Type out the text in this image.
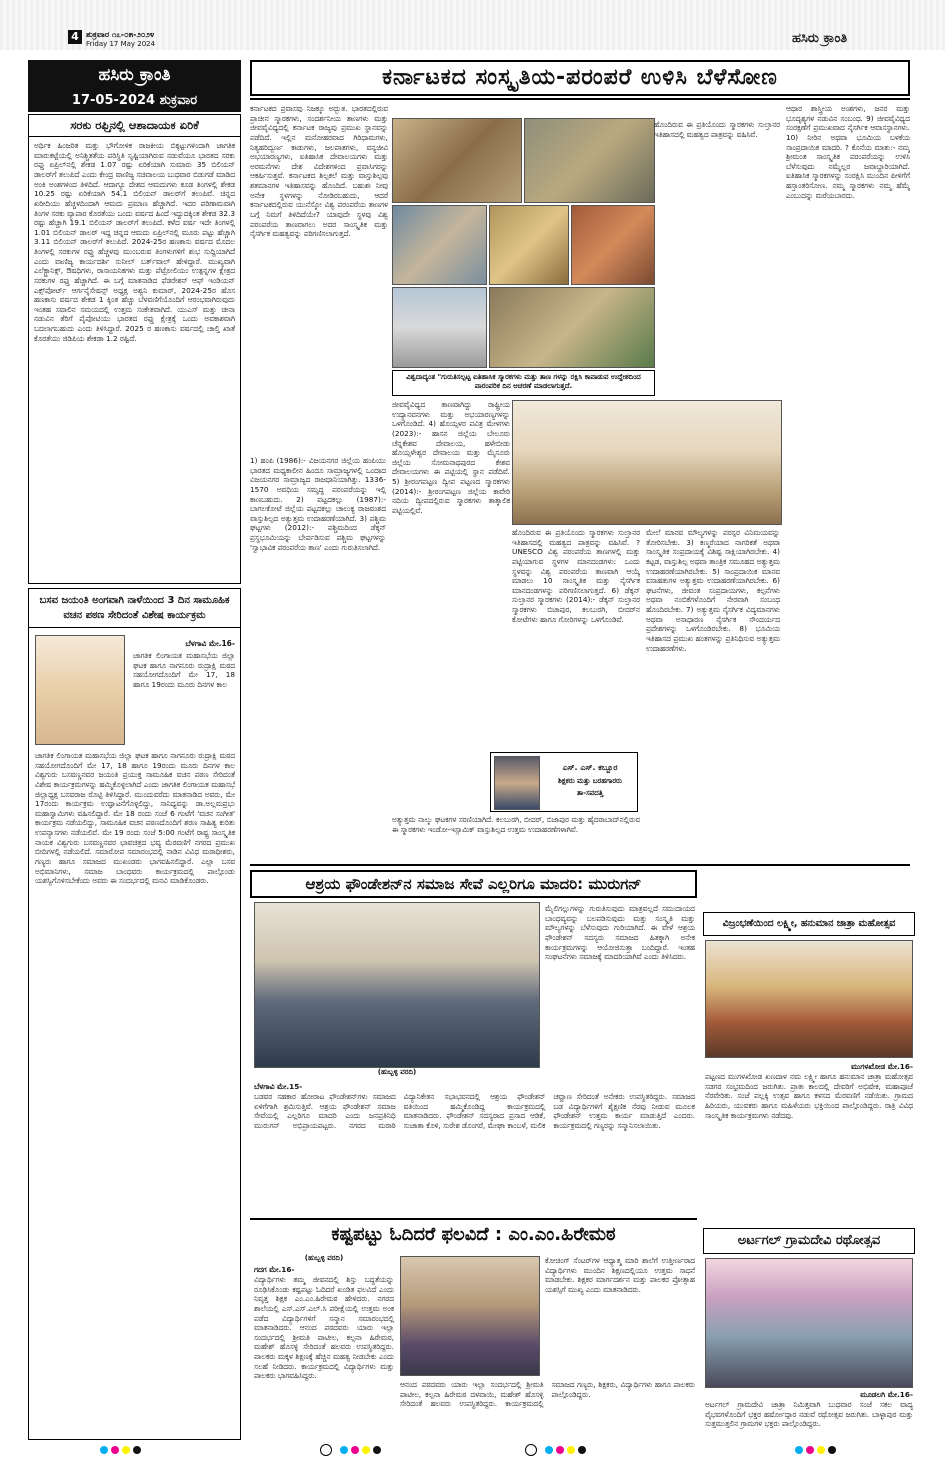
4 ಶುಕ್ರವಾರ ೧೭-೦೫-೨೦೨೪
Friday 17 May 2024	ಹಸಿರು ಕ್ರಾಂತಿ
ಹಸಿರು ಕ್ರಾಂತಿ
17-05-2024 ಶುಕ್ರವಾರ
ಸರಕು ರಫ್ತಿನಲ್ಲಿ ಆಶಾದಾಯಕ ಏರಿಕೆ
ಅರ್ಥಿಕ ಹಿಂಜರಿತ ಮತ್ತು ಭೌಗೋಳಿಕ ರಾಜಕೀಯ ಬಿಕ್ಕಟ್ಟುಗಳಿಂದಾಗಿ ಜಾಗತಿಕ ಮಾರುಕಟ್ಟೆಯಲ್ಲಿ ಅನಿಶ್ಚಿತತೆಯ ಪರಿಸ್ಥಿತಿ ಸೃಷ್ಟಿಯಾಗಿರುವ ನಡುವೆಯೂ ಭಾರತದ ಸರಕು ರಫ್ತು ಏಪ್ರಿಲ್‌ನಲ್ಲಿ ಶೇಕಡ 1.07 ರಷ್ಟು ಏರಿಕೆಯಾಗಿ ಸುಮಾರು 35 ಬಿಲಿಯನ್ ಡಾಲರ್‌ಗೆ ತಲುಪಿದೆ ಎಂದು ಕೇಂದ್ರ ವಾಣಿಜ್ಯ ಸಚಿವಾಲಯ ಬುಧವಾರ ಬಿಡುಗಡೆ ಮಾಡಿದ ಅಂಕಿ ಅಂಶಗಳಿಂದ ತಿಳಿದಿದೆ. ಆದಾಗ್ಯೂ ದೇಶದ ಆಮದುಗಳು ಕೂಡ ತಿಂಗಳಲ್ಲಿ ಶೇಕಡ 10.25 ರಷ್ಟು ಏರಿಕೆಯಾಗಿ 54.1 ಬಿಲಿಯನ್ ಡಾಲರ್‌ಗೆ ತಲುಪಿವೆ. ಚಿನ್ನದ ಖರೀದಿಯು ಹೆಚ್ಚಳದಿಂದಾಗಿ ಆಮದು ಪ್ರಮಾಣ ಹೆಚ್ಚಾಗಿದೆ. ಇದರ ಪರಿಣಾಮವಾಗಿ ತಿಂಗಳ ಸರಕು ವ್ಯಾಪಾರ ಕೊರತೆಯು ಒಂದು ವರ್ಷದ ಹಿಂದೆ ಇದ್ದುದಕ್ಕಿಂತ ಶೇಕಡ 32.3 ರಷ್ಟು ಹೆಚ್ಚಾಗಿ 19.1 ಬಿಲಿಯನ್ ಡಾಲರ್‌ಗೆ ತಲುಪಿದೆ. ಕಳೆದ ವರ್ಷ ಇದೇ ತಿಂಗಳಲ್ಲಿ 1.01 ಬಿಲಿಯನ್ ಡಾಲರ್ ಇದ್ದ ಚಿನ್ನದ ಆಮದು ಏಪ್ರಿಲ್‌ನಲ್ಲಿ ಮೂರು ಪಟ್ಟು ಹೆಚ್ಚಾಗಿ 3.11 ಬಿಲಿಯನ್ ಡಾಲರ್‌ಗೆ ತಲುಪಿದೆ. 2024-25ರ ಹಣಕಾಸು ವರ್ಷದ ಮೊದಲ ತಿಂಗಳಲ್ಲಿ ಸರಕುಗಳ ರಫ್ತು ಹೆಚ್ಚಳವು ಮುಂಬರುವ ತಿಂಗಳುಗಳಿಗೆ ಶುಭ ಸುದ್ದಿಯಾಗಿದೆ ಎಂದು ವಾಣಿಜ್ಯ ಕಾರ್ಯದರ್ಶಿ ಸುನೀಲ್ ಬರ್ತ್‌ವಾಲ್ ಹೇಳಿದ್ದಾರೆ. ಮುಖ್ಯವಾಗಿ ಎಲೆಕ್ಟ್ರಾನಿಕ್ಸ್, ಔಷಧಿಗಳು, ರಾಸಾಯನಿಕಗಳು ಮತ್ತು ಪೆಟ್ರೋಲಿಯಂ ಉತ್ಪನ್ನಗಳ ಕ್ಷೇತ್ರದ ಸರಕುಗಳ ರಫ್ತು ಹೆಚ್ಚಾಗಿದೆ. ಈ ಬಗ್ಗೆ ಮಾತನಾಡಿದ ಫೆಡರೇಶನ್ ಆಫ್ ಇಂಡಿಯನ್ ಎಕ್ಸ್‌ಪೋರ್ಟ್ ಆರ್ಗನೈಸೇಷನ್ಸ್ ಅಧ್ಯಕ್ಷ ಅಶ್ವನಿ ಕುಮಾರ್, 2024-25ರ ಹೊಸ ಹಣಕಾಸು ವರ್ಷದ ಶೇಕಡ 1 ಕ್ಕಿಂತ ಹೆಚ್ಚು ಬೆಳವಣಿಗೆಯೊಂದಿಗೆ ಆರಂಭವಾಗಿರುವುದು ಇಂತಹ ಸವಾಲಿನ ಸಮಯದಲ್ಲಿ ಉತ್ತಮ ಸಂಕೇತವಾಗಿದೆ. ಯುಎಸ್ ಮತ್ತು ಚೀನಾ ನಡುವಿನ ತೆರಿಗೆ ಪೈಪೋಟಿಯು ಭಾರತದ ರಫ್ತು ಕ್ಷೇತ್ರಕ್ಕೆ ಒಂದು ಅವಕಾಶವಾಗಿ ಬದಲಾಗಬಹುದು ಎಂದು ತಿಳಿಸಿದ್ದಾರೆ. 2025 ರ ಹಣಕಾಸು ವರ್ಷದಲ್ಲಿ ಚಾಲ್ತಿ ಖಾತೆ ಕೊರತೆಯು ಜಿಡಿಪಿಯ ಶೇಕಡಾ 1.2 ರಷ್ಟಿದೆ.
ಬಸವ ಜಯಂತಿ ಅಂಗವಾಗಿ ನಾಳೆಯಿಂದ 3 ದಿನ ಸಾಮೂಹಿಕ ವಚನ ಪಠಣ ಸೇರಿದಂತೆ ವಿಶೇಷ ಕಾರ್ಯಕ್ರಮ
ಬೆಳಗಾವಿ ಮೇ.16-
ಜಾಗತಿಕ ಲಿಂಗಾಯತ ಮಹಾಸಭೆಯ ಜಿಲ್ಲಾ ಘಟಕ ಹಾಗೂ ನಾಗನೂರು ರುದ್ರಾಕ್ಷಿ ಮಠದ ಸಹಯೋಗದೊಂದಿಗೆ ಮೇ 17, 18 ಹಾಗೂ 19ರಂದು ಮೂರು ದಿನಗಳ ಕಾಲ
ಜಾಗತಿಕ ಲಿಂಗಾಯತ ಮಹಾಸಭೆಯ ಜಿಲ್ಲಾ ಘಟಕ ಹಾಗೂ ನಾಗನೂರು ರುದ್ರಾಕ್ಷಿ ಮಠದ ಸಹಯೋಗದೊಂದಿಗೆ ಮೇ 17, 18 ಹಾಗೂ 19ರಂದು ಮೂರು ದಿನಗಳ ಕಾಲ ವಿಶ್ವಗುರು ಬಸವಣ್ಣನವರ ಜಯಂತಿ ಪ್ರಯುಕ್ತ ಸಾಮೂಹಿಕ ವಚನ ಪಠಣ ಸೇರಿದಂತೆ ವಿಶೇಷ ಕಾರ್ಯಕ್ರಮಗಳನ್ನು ಹಮ್ಮಿಕೊಳ್ಳಲಾಗಿದೆ ಎಂದು ಜಾಗತಿಕ ಲಿಂಗಾಯತ ಮಹಾಸಭೆ ಜಿಲ್ಲಾಧ್ಯಕ್ಷ ಬಸವರಾಜ ರೊಟ್ಟಿ ತಿಳಿಸಿದ್ದಾರೆ. ಮುಂದುವರೆದು ಮಾತನಾಡಿದ ಅವರು, ಮೇ 17ರಂದು ಕಾರ್ಯಕ್ರಮ ಉದ್ಘಾಟನೆಗೊಳ್ಳಲಿದ್ದು, ಸಾನಿಧ್ಯವನ್ನು ಡಾ.ಅಲ್ಲಮಪ್ರಭು ಮಹಾಸ್ವಾಮಿಗಳು ವಹಿಸಲಿದ್ದಾರೆ. ಮೇ 18 ರಂದು ಸಂಜೆ 6 ಗಂಟೆಗೆ 'ವಚನ ಸಂಗೀತ' ಕಾರ್ಯಕ್ರಮ ನಡೆಯಲಿದ್ದು, ಸಾಮೂಹಿಕ ವಚನ ಪಠಣದೊಂದಿಗೆ ಶರಣ ಸಾಹಿತ್ಯ ಕುರಿತು ಉಪನ್ಯಾಸಗಳು ನಡೆಯಲಿವೆ. ಮೇ 19 ರಂದು ಸಂಜೆ 5:00 ಗಂಟೆಗೆ ರಾಷ್ಟ್ರ ಸಾಂಸ್ಕೃತಿಕ ನಾಯಕ ವಿಶ್ವಗುರು ಬಸವಣ್ಣನವರ ಭಾವಚಿತ್ರದ ಭವ್ಯ ಮೆರವಣಿಗೆ ನಗರದ ಪ್ರಮುಖ ಬೀದಿಗಳಲ್ಲಿ ನಡೆಯಲಿದೆ. ಸಮಾರೋಪ ಸಮಾರಂಭದಲ್ಲಿ ನಾಡಿನ ವಿವಿಧ ಮಠಾಧೀಶರು, ಗಣ್ಯರು ಹಾಗೂ ಸಮಾಜದ ಮುಖಂಡರು ಭಾಗವಹಿಸಲಿದ್ದಾರೆ. ಎಲ್ಲಾ ಬಸವ ಅಭಿಮಾನಿಗಳು, ಸಮಾಜ ಬಾಂಧವರು ಕಾರ್ಯಕ್ರಮದಲ್ಲಿ ಪಾಲ್ಗೊಂಡು ಯಶಸ್ವಿಗೊಳಿಸಬೇಕೆಂದು ಅವರು ಈ ಸಂದರ್ಭದಲ್ಲಿ ಮನವಿ ಮಾಡಿಕೊಂಡರು.
ಕರ್ನಾಟಕದ ಸಂಸ್ಕೃತಿಯ-ಪರಂಪರೆ ಉಳಿಸಿ ಬೆಳೆಸೋಣ
ಕರ್ನಾಟಕದ ಪ್ರವಾಸವು ನಿಜಕ್ಕೂ ಅದ್ಭುತ. ಭಾರತದಲ್ಲಿರುವ ಪ್ರಾಚೀನ ಸ್ಮಾರಕಗಳು, ಸಂದರ್ಶನೀಯ ತಾಣಗಳು ಮತ್ತು ಜೀವವೈವಿಧ್ಯದಲ್ಲಿ ಕರ್ನಾಟಕ ರಾಜ್ಯವು ಪ್ರಮುಖ ಸ್ಥಾನವನ್ನು ಪಡೆದಿದೆ. ಇಲ್ಲಿನ ಮನೋಹರವಾದ ಗಿರಿಧಾಮಗಳು, ನಿತ್ಯಹರಿದ್ವರ್ಣ ಕಾಡುಗಳು, ಜಲಪಾತಗಳು, ವನ್ಯಜೀವಿ ಅಭಯಾರಣ್ಯಗಳು, ಐತಿಹಾಸಿಕ ದೇವಾಲಯಗಳು ಮತ್ತು ಅರಮನೆಗಳು ದೇಶ ವಿದೇಶಗಳಿಂದ ಪ್ರವಾಸಿಗರನ್ನು ಆಕರ್ಷಿಸುತ್ತವೆ. ಕರ್ನಾಟಕದ ಶಿಲ್ಪಕಲೆ ಮತ್ತು ವಾಸ್ತುಶಿಲ್ಪವು ಶತಮಾನಗಳ ಇತಿಹಾಸವನ್ನು ಹೊಂದಿದೆ. ಬಹುಶಃ ನೀವು ಅನೇಕ ಸ್ಥಳಗಳನ್ನು ನೋಡಿರಬಹುದು, ಆದರೆ ಕರ್ನಾಟಕದಲ್ಲಿರುವ ಯುನೆಸ್ಕೋ ವಿಶ್ವ ಪರಂಪರೆಯ ತಾಣಗಳ ಬಗ್ಗೆ ನಿಮಗೆ ತಿಳಿದಿದೆಯೇ? ಯಾವುದೇ ಸ್ಥಳವು ವಿಶ್ವ ಪರಂಪರೆಯ ತಾಣವಾಗಲು ಅದರ ಸಾಂಸ್ಕೃತಿಕ ಮತ್ತು ನೈಸರ್ಗಿಕ ಮಹತ್ವವನ್ನು ಪರಿಗಣಿಸಲಾಗುತ್ತದೆ.
ವಿಶ್ವದಾದ್ಯಂತ "ಗುರುತಿಸಲ್ಪಟ್ಟ ಐತಿಹಾಸಿಕ ಸ್ಮಾರಕಗಳು ಮತ್ತು ತಾಣ ಗಳನ್ನು ರಕ್ಷಿಸಿ ಕಾಪಾಡುವ ಉದ್ದೇಶದಿಂದ ಪಾರಂಪರಿಕ ದಿನ ಆಚರಣೆ ಮಾಡಲಾಗುತ್ತದೆ.
ಹೊಂದಿರುವ ಈ ಪ್ರತಿಯೊಂದು ಸ್ಮಾರಕಗಳು ಸುಲ್ತಾನರ ಇತಿಹಾಸದಲ್ಲಿ ಮಹತ್ವದ ಪಾತ್ರವನ್ನು ವಹಿಸಿವೆ.
ಆಧಾರ ಶಾಸ್ತ್ರೀಯ ಅಂಶಗಳು, ಜನರ ಮತ್ತು ಭೂದೃಶ್ಯಗಳ ನಡುವಿನ ಸಂಬಂಧ. 9) ಜೀವವೈವಿಧ್ಯದ ಸಂರಕ್ಷಣೆಗೆ ಪ್ರಮುಖವಾದ ನೈಸರ್ಗಿಕ ಆವಾಸಸ್ಥಾನಗಳು. 10) ನೀರಿನ ಅಥವಾ ಭೂಮಿಯ ಬಳಕೆಯ ಸಾಂಪ್ರದಾಯಿಕ ಮಾದರಿ. ? ಕೊನೆಯ ಮಾತು:- ನಮ್ಮ ಶ್ರೀಮಂತ ಸಾಂಸ್ಕೃತಿಕ ಪರಂಪರೆಯನ್ನು ಉಳಿಸಿ ಬೆಳೆಸುವುದು ನಮ್ಮೆಲ್ಲರ ಜವಾಬ್ದಾರಿಯಾಗಿದೆ. ಐತಿಹಾಸಿಕ ಸ್ಮಾರಕಗಳನ್ನು ಸಂರಕ್ಷಿಸಿ ಮುಂದಿನ ಪೀಳಿಗೆಗೆ ಹಸ್ತಾಂತರಿಸೋಣ. ನಮ್ಮ ಸ್ಮಾರಕಗಳು ನಮ್ಮ ಹೆಮ್ಮೆ ಎಂಬುದನ್ನು ಮರೆಯಬಾರದು.
1) ಹಂಪಿ (1986):- ವಿಜಯನಗರ ಜಿಲ್ಲೆಯ ಹಂಪಿಯು ಭಾರತದ ಮಧ್ಯಕಾಲೀನ ಹಿಂದೂ ಸಾಮ್ರಾಜ್ಯಗಳಲ್ಲಿ ಒಂದಾದ ವಿಜಯನಗರ ಸಾಮ್ರಾಜ್ಯದ ರಾಜಧಾನಿಯಾಗಿತ್ತು. 1336-1570 ಅವಧಿಯ ಸಮೃದ್ಧ ಪರಂಪರೆಯನ್ನು ಇಲ್ಲಿ ಕಾಣಬಹುದು. 2) ಪಟ್ಟದಕಲ್ಲು (1987):- ಬಾಗಲಕೋಟೆ ಜಿಲ್ಲೆಯ ಪಟ್ಟದಕಲ್ಲು ಚಾಲುಕ್ಯ ರಾಜವಂಶದ ವಾಸ್ತುಶಿಲ್ಪದ ಅತ್ಯುತ್ತಮ ಉದಾಹರಣೆಯಾಗಿದೆ. 3) ಪಶ್ಚಿಮ ಘಟ್ಟಗಳು (2012):- ಪಶ್ಚಿಮದಿಂದ ಡೆಕ್ಕನ್ ಪ್ರಸ್ಥಭೂಮಿಯನ್ನು ಬೇರ್ಪಡಿಸುವ ಪಶ್ಚಿಮ ಘಟ್ಟಗಳನ್ನು 'ಸ್ವಾಭಾವಿಕ ಪರಂಪರೆಯ ತಾಣ' ಎಂದು ಗುರುತಿಸಲಾಗಿದೆ.
ಜೀವವೈವಿಧ್ಯದ ತಾಣವಾಗಿದ್ದು ರಾಷ್ಟ್ರೀಯ ಉದ್ಯಾನವನಗಳು ಮತ್ತು ಅಭಯಾರಣ್ಯಗಳನ್ನು ಒಳಗೊಂಡಿದೆ. 4) ಹೊಯ್ಸಳರ ಪವಿತ್ರ ಮೇಳಗಳು (2023):- ಹಾಸನ ಜಿಲ್ಲೆಯ ಬೇಲೂರು ಚೆನ್ನಕೇಶವ ದೇವಾಲಯ, ಹಳೇಬೀಡು ಹೊಯ್ಸಳೇಶ್ವರ ದೇವಾಲಯ ಮತ್ತು ಮೈಸೂರು ಜಿಲ್ಲೆಯ ಸೋಮನಾಥಪುರದ ಕೇಶವ ದೇವಾಲಯಗಳು ಈ ಪಟ್ಟಿಯಲ್ಲಿ ಸ್ಥಾನ ಪಡೆದಿವೆ. 5) ಶ್ರೀರಂಗಪಟ್ಟಣ ದ್ವೀಪ ಪಟ್ಟಣದ ಸ್ಮಾರಕಗಳು (2014):- ಶ್ರೀರಂಗಪಟ್ಟಣ ಜಿಲ್ಲೆಯ ಕಾವೇರಿ ನದಿಯ ದ್ವೀಪದಲ್ಲಿರುವ ಸ್ಮಾರಕಗಳು ತಾತ್ಕಾಲಿಕ ಪಟ್ಟಿಯಲ್ಲಿವೆ.
ಹೊಂದಿರುವ ಈ ಪ್ರತಿಯೊಂದು ಸ್ಮಾರಕಗಳು ಸುಲ್ತಾನರ ಇತಿಹಾಸದಲ್ಲಿ ಮಹತ್ವದ ಪಾತ್ರವನ್ನು ವಹಿಸಿವೆ. ? UNESCO ವಿಶ್ವ ಪರಂಪರೆಯ ತಾಣಗಳಲ್ಲಿ ಮತ್ತು ಪಟ್ಟಿಯಾಗುವ ಸ್ಥಳಗಳ ಮಾನದಂಡಗಳು: ಒಂದು ಸ್ಥಳವನ್ನು ವಿಶ್ವ ಪರಂಪರೆಯ ತಾಣವಾಗಿ ಆಯ್ಕೆ ಮಾಡಲು 10 ಸಾಂಸ್ಕೃತಿಕ ಮತ್ತು ನೈಸರ್ಗಿಕ ಮಾನದಂಡಗಳನ್ನು ಪರಿಗಣಿಸಲಾಗುತ್ತದೆ. 6) ಡೆಕ್ಕನ್ ಸುಲ್ತಾನರ ಸ್ಮಾರಕಗಳು (2014):- ಡೆಕ್ಕನ್ ಸುಲ್ತಾನರ ಸ್ಮಾರಕಗಳು ಬಿಜಾಪುರ, ಕಲಬುರಗಿ, ಬೀದರ್‌ನ ಕೋಟೆಗಳು ಹಾಗೂ ಗೋರಿಗಳನ್ನು ಒಳಗೊಂಡಿವೆ.
ಮೇಲೆ ಮಾನವ ಮೌಲ್ಯಗಳನ್ನು ಪರಸ್ಪರ ವಿನಿಮಯವನ್ನು ತೋರಿಸಬೇಕು. 3) ಕಣ್ಮರೆಯಾದ ನಾಗರಿಕತೆ ಅಥವಾ ಸಾಂಸ್ಕೃತಿಕ ಸಂಪ್ರದಾಯಕ್ಕೆ ವಿಶಿಷ್ಟ ಸಾಕ್ಷಿಯಾಗಿರಬೇಕು. 4) ಕಟ್ಟಡ, ವಾಸ್ತುಶಿಲ್ಪ ಅಥವಾ ತಾಂತ್ರಿಕ ಸಮೂಹದ ಅತ್ಯುತ್ತಮ ಉದಾಹರಣೆಯಾಗಿರಬೇಕು. 5) ಸಾಂಪ್ರದಾಯಿಕ ಮಾನವ ವಸಾಹತುಗಳ ಅತ್ಯುತ್ತಮ ಉದಾಹರಣೆಯಾಗಿರಬೇಕು. 6) ಘಟನೆಗಳು, ಜೀವಂತ ಸಂಪ್ರದಾಯಗಳು, ಕಲ್ಪನೆಗಳು ಅಥವಾ ನಂಬಿಕೆಗಳೊಂದಿಗೆ ನೇರವಾಗಿ ಸಂಬಂಧ ಹೊಂದಿರಬೇಕು. 7) ಅತ್ಯುತ್ತಮ ನೈಸರ್ಗಿಕ ವಿದ್ಯಮಾನಗಳು ಅಥವಾ ಅಸಾಧಾರಣ ನೈಸರ್ಗಿಕ ಸೌಂದರ್ಯದ ಪ್ರದೇಶಗಳನ್ನು ಒಳಗೊಂಡಿರಬೇಕು. 8) ಭೂಮಿಯ ಇತಿಹಾಸದ ಪ್ರಮುಖ ಹಂತಗಳನ್ನು ಪ್ರತಿನಿಧಿಸುವ ಅತ್ಯುತ್ತಮ ಉದಾಹರಣೆಗಳು.
ಎಸ್. ಎಸ್. ಕಬ್ಬೂರ
ಶಿಕ್ಷಕರು ಮತ್ತು ಬರಹಗಾರರು
ತಾ-ಸವದತ್ತಿ
ಅತ್ಯುತ್ತಮ ನಾಲ್ಕು ಘಟಕಗಳ ಸರಣಿಯಾಗಿದೆ. ಕಲಬುರಗಿ, ಬೀದರ್, ಬಿಜಾಪುರ ಮತ್ತು ಹೈದರಾಬಾದ್‌ನಲ್ಲಿರುವ ಈ ಸ್ಮಾರಕಗಳು ಇಂಡೋ-ಇಸ್ಲಾಮಿಕ್ ವಾಸ್ತುಶಿಲ್ಪದ ಉತ್ತಮ ಉದಾಹರಣೆಗಳಾಗಿವೆ.
ಆಶ್ರಯ ಫೌಂಡೇಶನ್‌ನ ಸಮಾಜ ಸೇವೆ ಎಲ್ಲರಿಗೂ ಮಾದರಿ: ಮುರುಗನ್
(ಹುಬ್ಬಳ್ಳಿ ವರದಿ)
ಮೈಲಿಗಲ್ಲುಗಳನ್ನು ಗುರುತಿಸುವುದು ಮಾತ್ರವಲ್ಲದೆ ಸಮುದಾಯದ ಬಾಂಧವ್ಯವನ್ನು ಬಲಪಡಿಸುವುದು ಮತ್ತು ಸಂಸ್ಕೃತಿ ಮತ್ತು ಮೌಲ್ಯಗಳನ್ನು ಬೆಳೆಸುವುದು ಗುರಿಯಾಗಿದೆ. ಈ ವೇಳೆ ಆಶ್ರಯ ಫೌಂಡೇಶನ್ ಸದಸ್ಯರು ಸಮಾಜದ ಹಿತಕ್ಕಾಗಿ ಅನೇಕ ಕಾರ್ಯಕ್ರಮಗಳನ್ನು ಆಯೋಜಿಸುತ್ತಾ ಬಂದಿದ್ದಾರೆ. ಇಂತಹ ಸಂಘಟನೆಗಳು ಸಮಾಜಕ್ಕೆ ಮಾದರಿಯಾಗಿವೆ ಎಂದು ತಿಳಿಸಿದರು.
ಬೆಳಗಾವಿ ಮೇ.15-
ಬಡವರ ಸಹಕಾರ ಹೋರಾಟ ಫೌಂಡೇಶನ್‌ಗಳು ಸಮಾಜದ ಏಳಿಗೆಗಾಗಿ ಶ್ರಮಿಸುತ್ತಿವೆ. ಆಶ್ರಯ ಫೌಂಡೇಶನ್ ಸಮಾಜ ಸೇವೆಯಲ್ಲಿ ಎಲ್ಲರಿಗೂ ಮಾದರಿ ಎಂದು ಜನಪ್ರತಿನಿಧಿ ಮುರುಗನ್ ಅಭಿಪ್ರಾಯಪಟ್ಟರು. ನಗರದ ಮರಾಠಿ ವಿದ್ಯಾನಿಕೇತನ ಸಭಾಭವನದಲ್ಲಿ ಆಶ್ರಯ ಫೌಂಡೇಶನ್ ವತಿಯಿಂದ ಹಮ್ಮಿಕೊಂಡಿದ್ದ ಕಾರ್ಯಕ್ರಮದಲ್ಲಿ ಮಾತನಾಡಿದರು. ಫೌಂಡೇಶನ್ ಸದಸ್ಯರಾದ ಪ್ರಸಾದ ಆಡಿಕೆ, ಸುಜಾತಾ ಕೊಳಿ, ಸುರೇಶ ಡೊಂಗರೆ, ಮೇಘಾ ಕಾಂಬಳೆ, ಮಲಿಕ ಚವ್ಹಾಣ ಸೇರಿದಂತೆ ಅನೇಕರು ಉಪಸ್ಥಿತರಿದ್ದರು. ಸಮಾಜದ ಬಡ ವಿದ್ಯಾರ್ಥಿಗಳಿಗೆ ಶೈಕ್ಷಣಿಕ ನೆರವು ನೀಡುವ ಮೂಲಕ ಫೌಂಡೇಶನ್ ಉತ್ತಮ ಕಾರ್ಯ ಮಾಡುತ್ತಿದೆ ಎಂದರು. ಕಾರ್ಯಕ್ರಮದಲ್ಲಿ ಗಣ್ಯರನ್ನು ಸನ್ಮಾನಿಸಲಾಯಿತು.
ಕಷ್ಟಪಟ್ಟು ಓದಿದರೆ ಫಲವಿದೆ : ಎಂ.ಎಂ.ಹಿರೇಮಠ
(ಹುಬ್ಬಳ್ಳಿ ವರದಿ)
ಗದಗ ಮೇ.16-
ವಿದ್ಯಾರ್ಥಿಗಳು ತಮ್ಮ ಜೀವನದಲ್ಲಿ ಶಿಸ್ತು ಬದ್ಧತೆಯನ್ನು ರೂಢಿಸಿಕೊಂಡು ಕಷ್ಟಪಟ್ಟು ಓದಿದರೆ ಖಂಡಿತ ಫಲವಿದೆ ಎಂದು ನಿವೃತ್ತ ಶಿಕ್ಷಕ ಎಂ.ಎಂ.ಹಿರೇಮಠ ಹೇಳಿದರು. ನಗರದ ಶಾಲೆಯಲ್ಲಿ ಎಸ್.ಎಸ್.ಎಲ್.ಸಿ ಪರೀಕ್ಷೆಯಲ್ಲಿ ಉತ್ತಮ ಅಂಕ ಪಡೆದ ವಿದ್ಯಾರ್ಥಿಗಳಿಗೆ ಸನ್ಮಾನ ಸಮಾರಂಭದಲ್ಲಿ ಮಾತನಾಡಿದರು. ಆನಂದ ಪಠದವರು ಯಾರು ಇಲ್ಲಾ ಸಂದರ್ಭದಲ್ಲಿ ಶ್ರೀಮತಿ ಪಾಟೀಲ, ಕಲ್ಪನಾ ಹಿರೇಮಠ, ಮಹೇಶ್ ಹೊಸಳ್ಳಿ ಸೇರಿದಂತೆ ಹಲವರು ಉಪಸ್ಥಿತರಿದ್ದರು. ಪಾಲಕರು ಮಕ್ಕಳ ಶಿಕ್ಷಣಕ್ಕೆ ಹೆಚ್ಚಿನ ಮಹತ್ವ ನೀಡಬೇಕು ಎಂದು ಸಲಹೆ ನೀಡಿದರು. ಕಾರ್ಯಕ್ರಮದಲ್ಲಿ ವಿದ್ಯಾರ್ಥಿಗಳು ಮತ್ತು ಪಾಲಕರು ಭಾಗವಹಿಸಿದ್ದರು.
ಕೋಚಿಂಗ್ ಸೆಂಟರ್‌ಗಳ ಆಧ್ಯಾತ್ಮ ಮಾರಿ ಶಾಲೆಗೆ ಉತ್ತೀರ್ಣರಾದ ವಿದ್ಯಾರ್ಥಿಗಳು ಮುಂದಿನ ಶಿಕ್ಷಣದಲ್ಲಿಯೂ ಉತ್ತಮ ಸಾಧನೆ ಮಾಡಬೇಕು. ಶಿಕ್ಷಕರ ಮಾರ್ಗದರ್ಶನ ಮತ್ತು ಪಾಲಕರ ಪ್ರೋತ್ಸಾಹ ಯಶಸ್ಸಿಗೆ ಮುಖ್ಯ ಎಂದು ಮಾತನಾಡಿದರು.
ಆನಂದ ಪಠದವರು ಯಾರು ಇಲ್ಲಾ ಸಂದರ್ಭದಲ್ಲಿ ಶ್ರೀಮತಿ ಪಾಟೀಲ, ಕಲ್ಪನಾ ಹಿರೇಮಠ ದಳವಾಯಿ, ಮಹೇಶ್ ಹೊಸಳ್ಳಿ ಸೇರಿದಂತೆ ಹಲವರು ಉಪಸ್ಥಿತರಿದ್ದರು. ಕಾರ್ಯಕ್ರಮದಲ್ಲಿ ಸಮಾಜದ ಗಣ್ಯರು, ಶಿಕ್ಷಕರು, ವಿದ್ಯಾರ್ಥಿಗಳು ಹಾಗೂ ಪಾಲಕರು ಪಾಲ್ಗೊಂಡಿದ್ದರು.
ವಿಜ್ರಂಭಣೆಯಿಂದ ಲಕ್ಷ್ಮೀ, ಹನುಮಾನ ಜಾತ್ರಾ ಮಹೋತ್ಸವ
ಮುಗಳಖೋಡ ಮೇ.16-
ಪಟ್ಟಣದ ಮುಗಳಖೋಡ ಖಣದಾಳ ನಮ ಲಕ್ಷ್ಮೀ ಹಾಗೂ ಹನುಮಾನ ಜಾತ್ರಾ ಮಹೋತ್ಸವ ಸಡಗರ ಸಂಭ್ರಮದಿಂದ ಜರುಗಿತು. ಪ್ರಾತಃ ಕಾಲದಲ್ಲಿ ದೇವರಿಗೆ ಅಭಿಷೇಕ, ಮಹಾಪೂಜೆ ನೆರವೇರಿತು. ಸಂಜೆ ಪಲ್ಲಕ್ಕಿ ಉತ್ಸವ ಹಾಗೂ ಕಳಸದ ಮೆರವಣಿಗೆ ನಡೆಯಿತು. ಗ್ರಾಮದ ಹಿರಿಯರು, ಯುವಕರು ಹಾಗೂ ಮಹಿಳೆಯರು ಭಕ್ತಿಯಿಂದ ಪಾಲ್ಗೊಂಡಿದ್ದರು. ರಾತ್ರಿ ವಿವಿಧ ಸಾಂಸ್ಕೃತಿಕ ಕಾರ್ಯಕ್ರಮಗಳು ನಡೆದವು.
ಅರ್ಟಗಲ್ ಗ್ರಾಮದೇವಿ ರಥೋತ್ಸವ
ಮೂಡಲಗಿ ಮೇ.16-
ಅರ್ಟಗಲ್ ಗ್ರಾಮದೇವಿ ಜಾತ್ರಾ ನಿಮಿತ್ತವಾಗಿ ಬುಧವಾರ ಸಂಜೆ ಸಕಲ ವಾದ್ಯ ವೈಭವಗಳೊಂದಿಗೆ ಭಕ್ತರ ಹರ್ಷೋದ್ಗಾರ ನಡುವೆ ರಥೋತ್ಸವ ಜರುಗಿತು. ಬಾಳ್ಳಾಪುರ ಮತ್ತು ಸುತ್ತಮುತ್ತಲಿನ ಗ್ರಾಮಗಳ ಭಕ್ತರು ಪಾಲ್ಗೊಂಡಿದ್ದರು.
